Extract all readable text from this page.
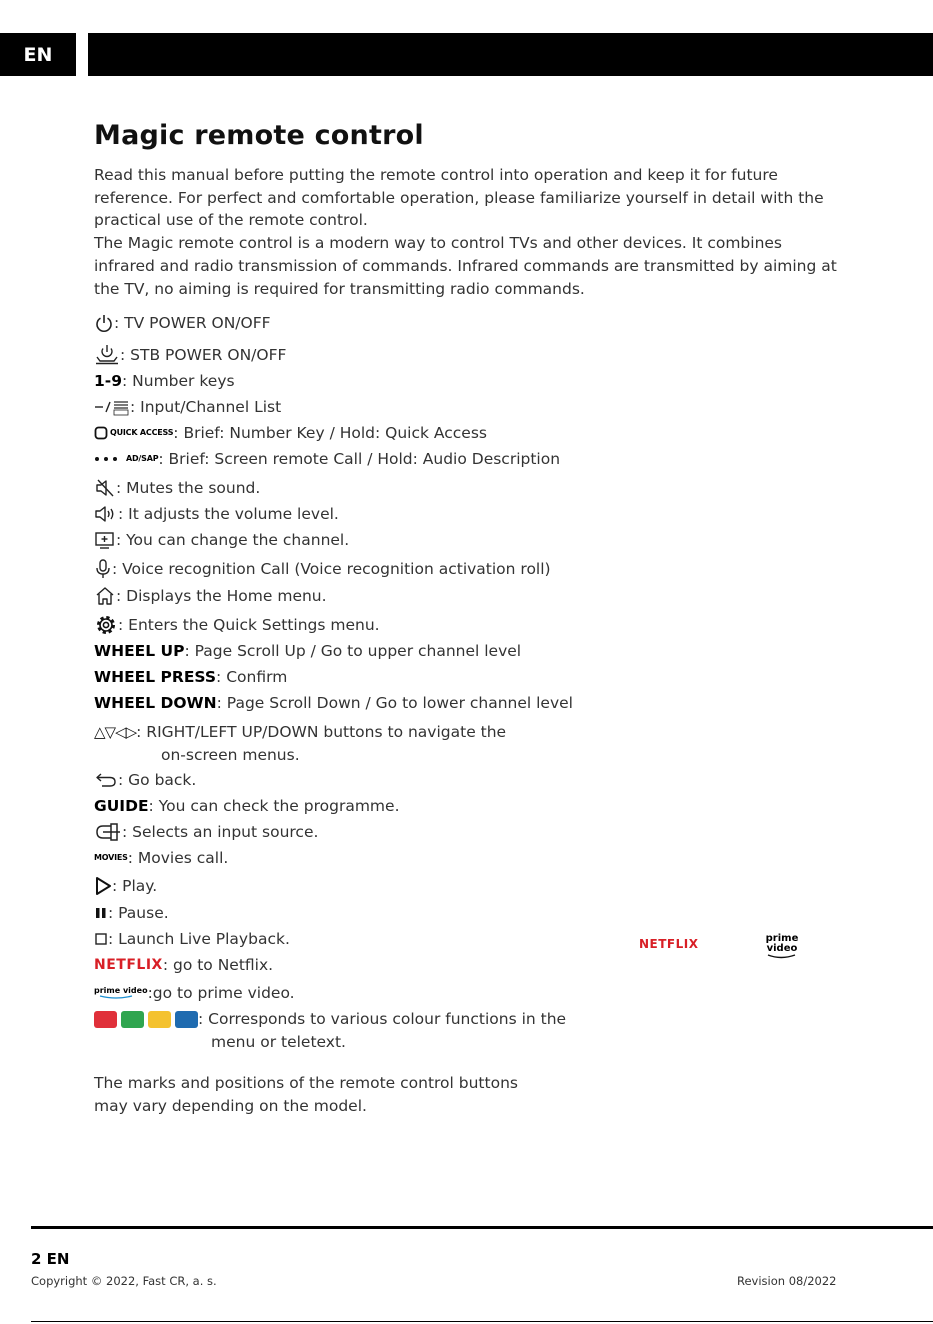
EN
Magic remote control

Read this manual before putting the remote control into operation and keep it for future reference. For perfect and comfortable operation, please familiarize yourself in detail with the practical use of the remote control.

The Magic remote control is a modern way to control TVs and other devices. It combines infrared and radio transmission of commands. Infrared commands are transmitted by aiming at the TV, no aiming is required for transmitting radio commands.

: TV POWER ON/OFF
: STB POWER ON/OFF
1-9 : Number keys
: Input/Channel List
QUICK ACCESS : Brief: Number Key / Hold: Quick Access
AD/SAP : Brief: Screen remote Call / Hold: Audio Description
: Mutes the sound.
: It adjusts the volume level.
: You can change the channel.
: Voice recognition Call (Voice recognition activation roll)
: Displays the Home menu.
: Enters the Quick Settings menu.
WHEEL UP : Page Scroll Up / Go to upper channel level
WHEEL PRESS : Confirm
WHEEL DOWN : Page Scroll Down / Go to lower channel level
△▽◁▷ : RIGHT/LEFT UP/DOWN buttons to navigate the
on-screen menus.
: Go back.
GUIDE : You can check the programme.
: Selects an input source.
MOVIES : Movies call.
: Play.
: Pause.
: Launch Live Playback.
NETFLIX : go to Netflix.
prime video :go to prime video.
: Corresponds to various colour functions in the
menu or teletext.
The marks and positions of the remote control buttons may vary depending on the model.
NETFLIX	prime
video
2 EN
Copyright © 2022, Fast CR, a. s.	Revision 08/2022
